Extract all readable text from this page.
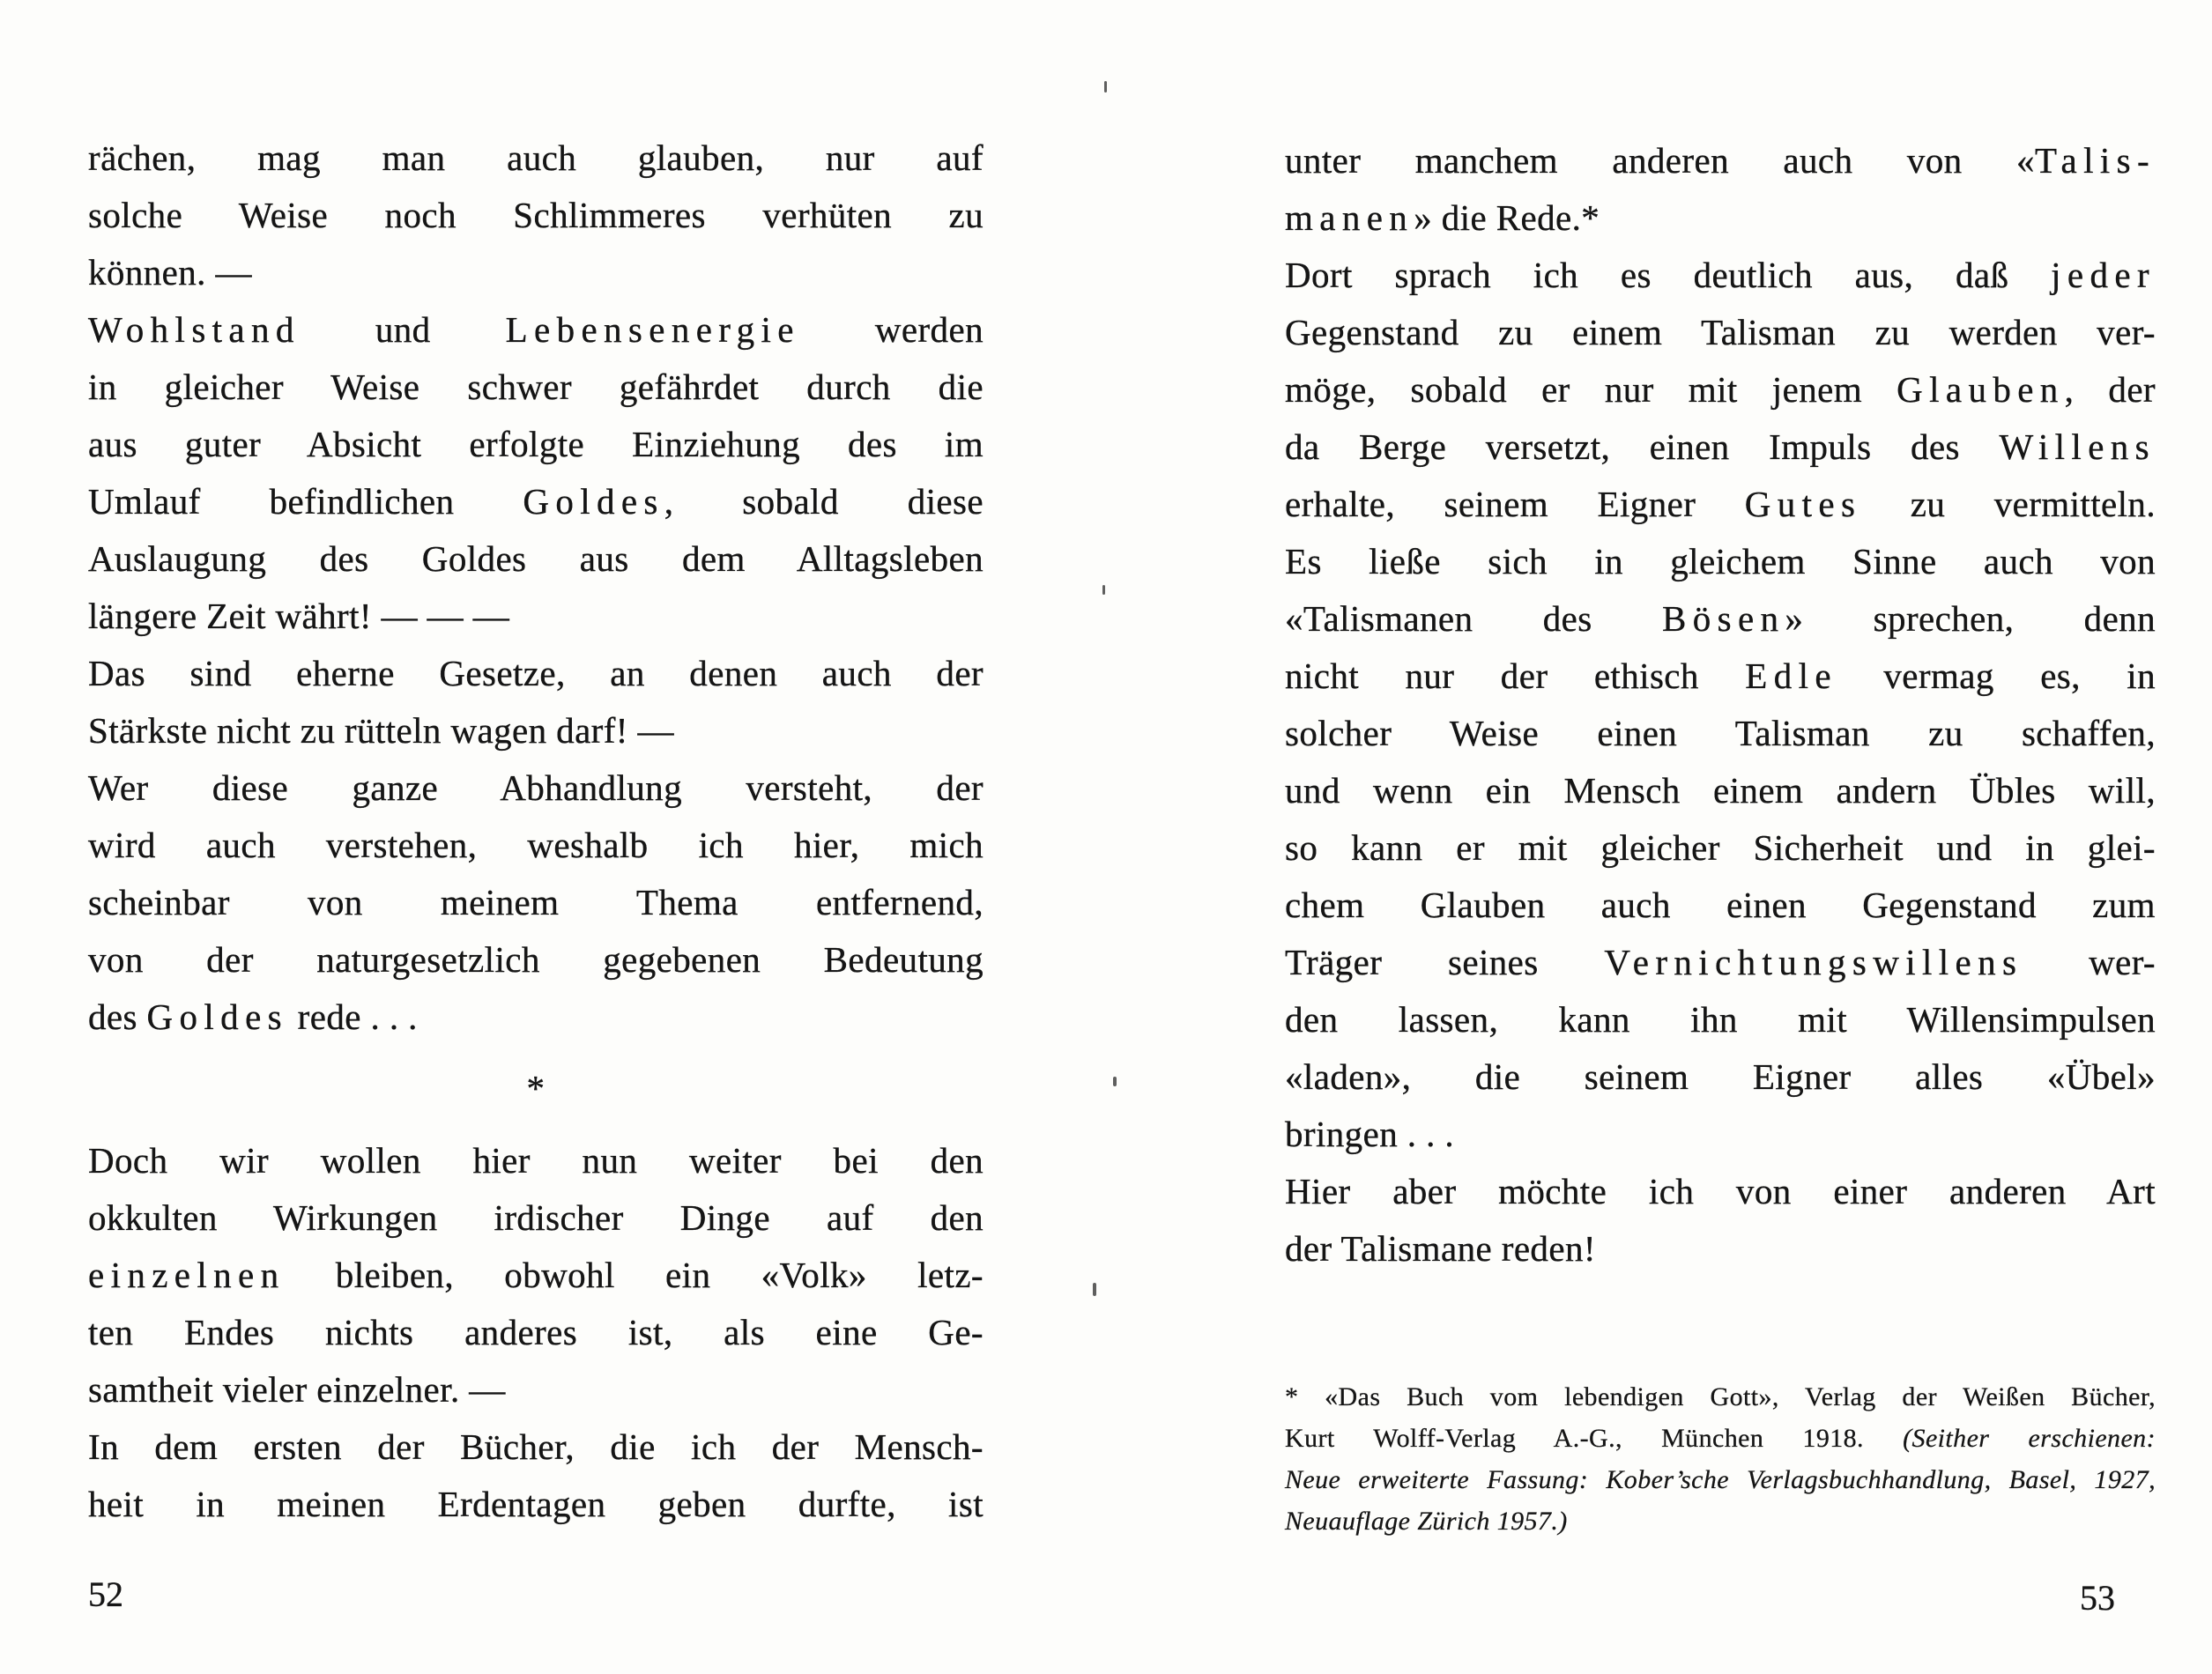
rächen, mag man auch glauben, nur auf
solche Weise noch Schlimmeres verhüten zu
können. —
Wohlstand und Lebensenergie werden
in gleicher Weise schwer gefährdet durch die
aus guter Absicht erfolgte Einziehung des im
Umlauf befindlichen Goldes, sobald diese
Auslaugung des Goldes aus dem Alltagsleben
längere Zeit währt! — — —
Das sind eherne Gesetze, an denen auch der
Stärkste nicht zu rütteln wagen darf! —
Wer diese ganze Abhandlung versteht, der
wird auch verstehen, weshalb ich hier, mich
scheinbar von meinem Thema entfernend,
von der naturgesetzlich gegebenen Bedeutung
des Goldes rede . . .
*
Doch wir wollen hier nun weiter bei den
okkulten Wirkungen irdischer Dinge auf den
einzelnen bleiben, obwohl ein «Volk» letz-
ten Endes nichts anderes ist, als eine Ge-
samtheit vieler einzelner. —
In dem ersten der Bücher, die ich der Mensch-
heit in meinen Erdentagen geben durfte, ist
52
unter manchem anderen auch von «Talis-
manen» die Rede.*
Dort sprach ich es deutlich aus, daß jeder
Gegenstand zu einem Talisman zu werden ver-
möge, sobald er nur mit jenem Glauben, der
da Berge versetzt, einen Impuls des Willens
erhalte, seinem Eigner Gutes zu vermitteln.
Es ließe sich in gleichem Sinne auch von
«Talismanen des Bösen» sprechen, denn
nicht nur der ethisch Edle vermag es, in
solcher Weise einen Talisman zu schaffen,
und wenn ein Mensch einem andern Übles will,
so kann er mit gleicher Sicherheit und in glei-
chem Glauben auch einen Gegenstand zum
Träger seines Vernichtungswillens wer-
den lassen, kann ihn mit Willensimpulsen
«laden», die seinem Eigner alles «Übel»
bringen . . .
Hier aber möchte ich von einer anderen Art
der Talismane reden!
* «Das Buch vom lebendigen Gott», Verlag der Weißen Bücher,
Kurt Wolff-Verlag A.-G., München 1918. (Seither erschienen:
Neue erweiterte Fassung: Kober’sche Verlagsbuchhandlung, Basel, 1927,
Neuauflage Zürich 1957.)
53
